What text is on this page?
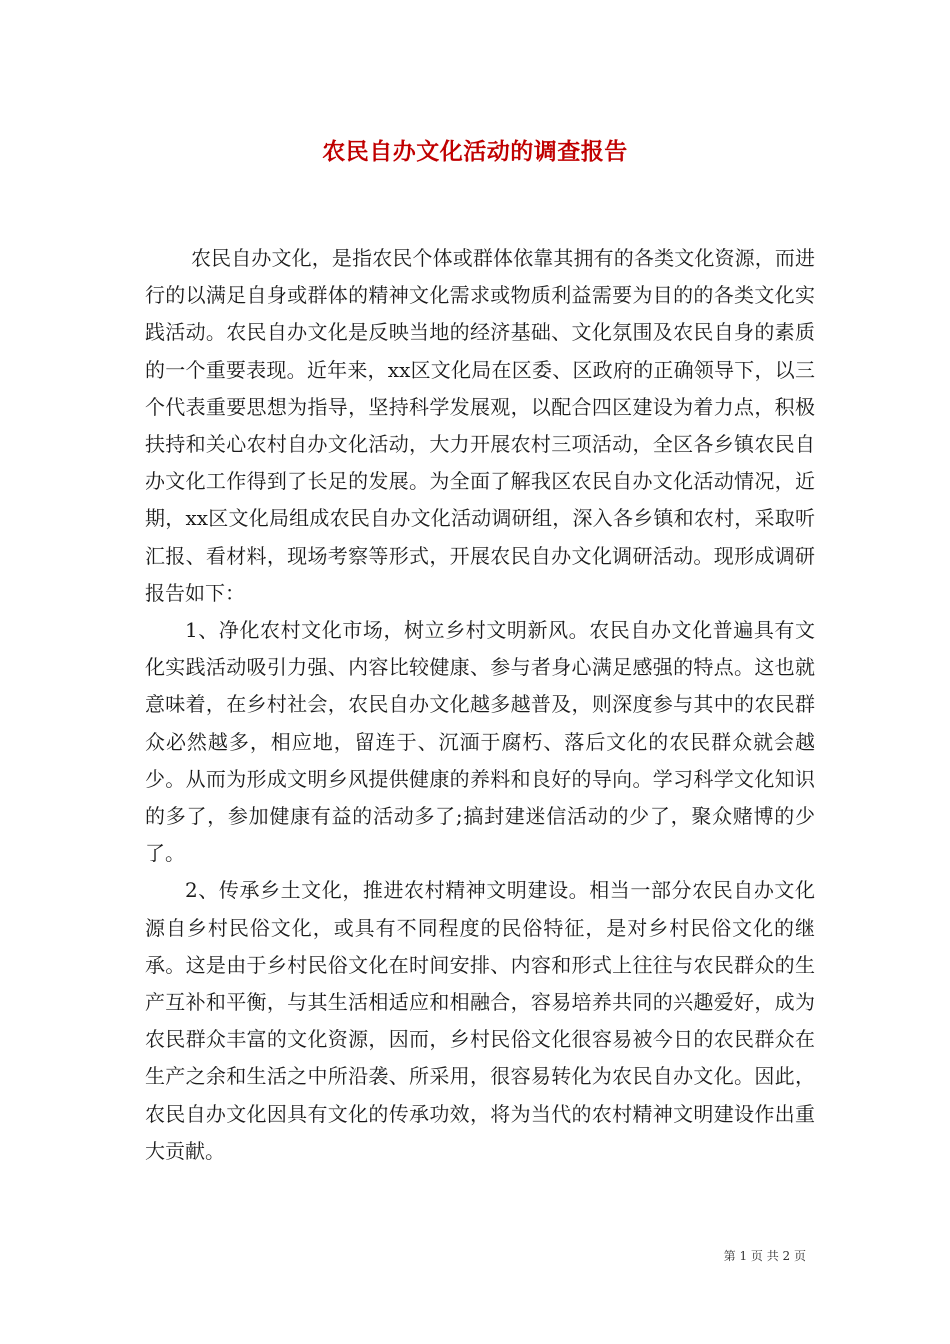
农民自办文化活动的调查报告

农民自办文化，是指农民个体或群体依靠其拥有的各类文化资源，而进行的以满足自身或群体的精神文化需求或物质利益需要为目的的各类文化实践活动。农民自办文化是反映当地的经济基础、文化氛围及农民自身的素质的一个重要表现。近年来，xx区文化局在区委、区政府的正确领导下，以三个代表重要思想为指导，坚持科学发展观，以配合四区建设为着力点，积极扶持和关心农村自办文化活动，大力开展农村三项活动，全区各乡镇农民自办文化工作得到了长足的发展。为全面了解我区农民自办文化活动情况，近期，xx区文化局组成农民自办文化活动调研组，深入各乡镇和农村，采取听汇报、看材料，现场考察等形式，开展农民自办文化调研活动。现形成调研报告如下：

1、净化农村文化市场，树立乡村文明新风。农民自办文化普遍具有文化实践活动吸引力强、内容比较健康、参与者身心满足感强的特点。这也就意味着，在乡村社会，农民自办文化越多越普及，则深度参与其中的农民群众必然越多，相应地，留连于、沉湎于腐朽、落后文化的农民群众就会越少。从而为形成文明乡风提供健康的养料和良好的导向。学习科学文化知识的多了，参加健康有益的活动多了;搞封建迷信活动的少了，聚众赌博的少了。

2、传承乡土文化，推进农村精神文明建设。相当一部分农民自办文化源自乡村民俗文化，或具有不同程度的民俗特征，是对乡村民俗文化的继承。这是由于乡村民俗文化在时间安排、内容和形式上往往与农民群众的生产互补和平衡，与其生活相适应和相融合，容易培养共同的兴趣爱好，成为农民群众丰富的文化资源，因而，乡村民俗文化很容易被今日的农民群众在生产之余和生活之中所沿袭、所采用，很容易转化为农民自办文化。因此，农民自办文化因具有文化的传承功效，将为当代的农村精神文明建设作出重大贡献。

第 1 页 共 2 页
